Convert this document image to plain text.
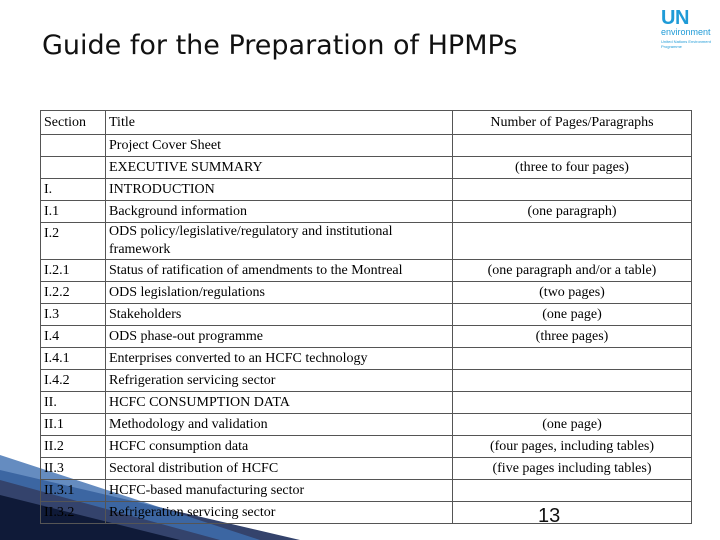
Guide for the Preparation of HPMPs
UN
environment
United Nations Environment Programme
Section	Title	Number of Pages/Paragraphs
	Project Cover Sheet	
	EXECUTIVE SUMMARY	(three to four pages)
I.	INTRODUCTION	
I.1	Background information	(one paragraph)
I.2	ODS policy/legislative/regulatory and institutional framework	
I.2.1	Status of ratification of amendments to the Montreal	(one paragraph and/or a table)
I.2.2	ODS legislation/regulations	(two pages)
I.3	Stakeholders	(one page)
I.4	ODS phase-out programme	(three pages)
I.4.1	Enterprises converted to an HCFC technology	
I.4.2	Refrigeration servicing sector	
II.	HCFC CONSUMPTION DATA	
II.1	Methodology and validation	(one page)
II.2	HCFC consumption data	(four pages, including tables)
II.3	Sectoral distribution of HCFC	(five pages including tables)
II.3.1	HCFC-based manufacturing sector	
II.3.2	Refrigeration servicing sector		13
